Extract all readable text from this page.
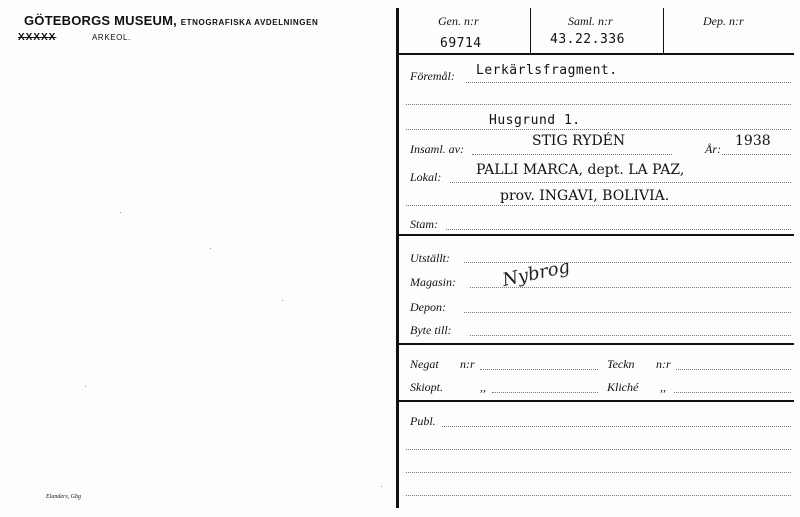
GÖTEBORGS MUSEUM, ETNOGRAFISKA AVDELNINGEN
XXXXX	ARKEOL.
Elanders, Gbg
Gen. n:r
69714
Saml. n:r
43.22.336
Dep. n:r
Föremål: Lerkärlsfragment.
Husgrund 1.
Insaml. av:	STIG RYDÉN	År: 1938
Lokal: PALLI MARCA, dept. LA PAZ,
prov. INGAVI, BOLIVIA.
Stam:
Utställt:
Magasin: Nybrog
Depon:
Byte till:
Negat n:r	Teckn n:r
Skiopt.	,,	Kliché ,,
Publ.
